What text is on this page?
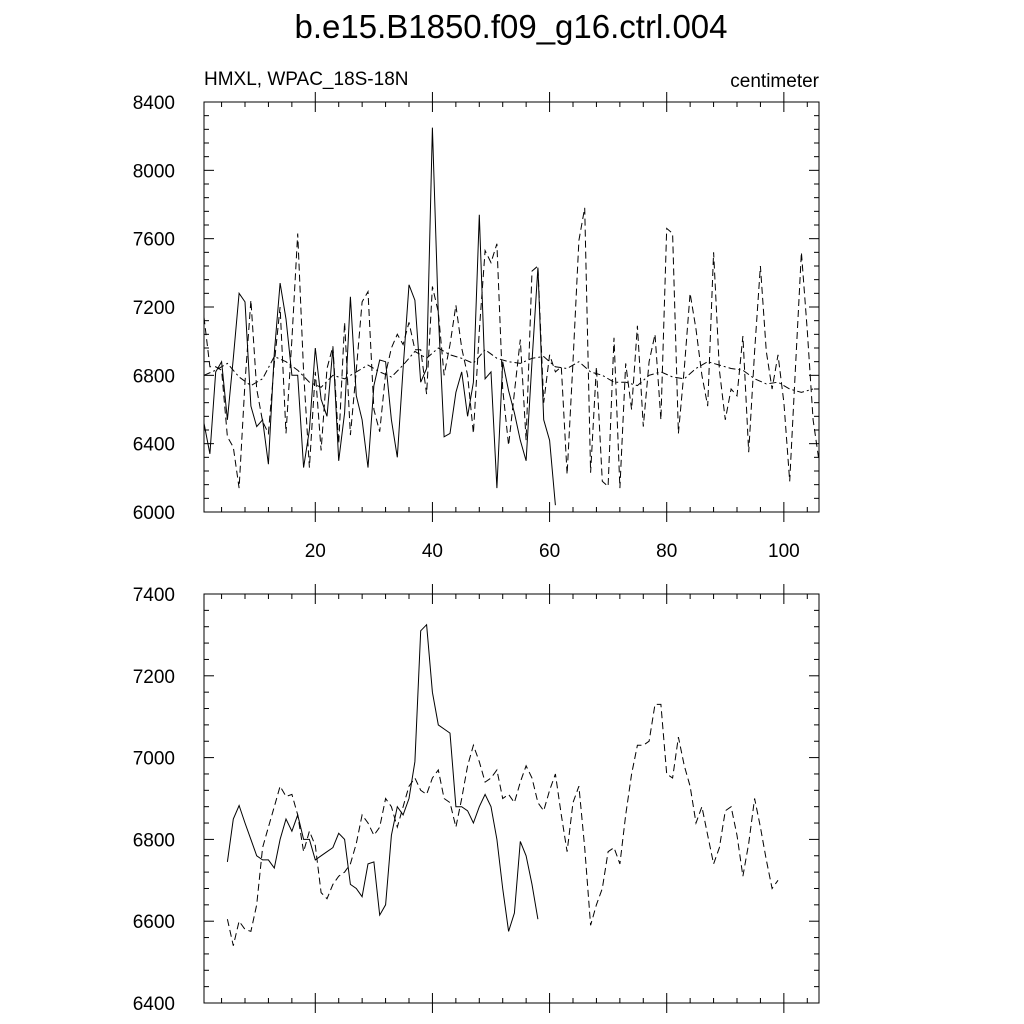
b.e15.B1850.f09_g16.ctrl.004
HMXL, WPAC_18S-18N	centimeter
6000
6400
6800
7200
7600
8000
8400
20	40	60	80	100
6400
6600
6800
7000
7200
7400
